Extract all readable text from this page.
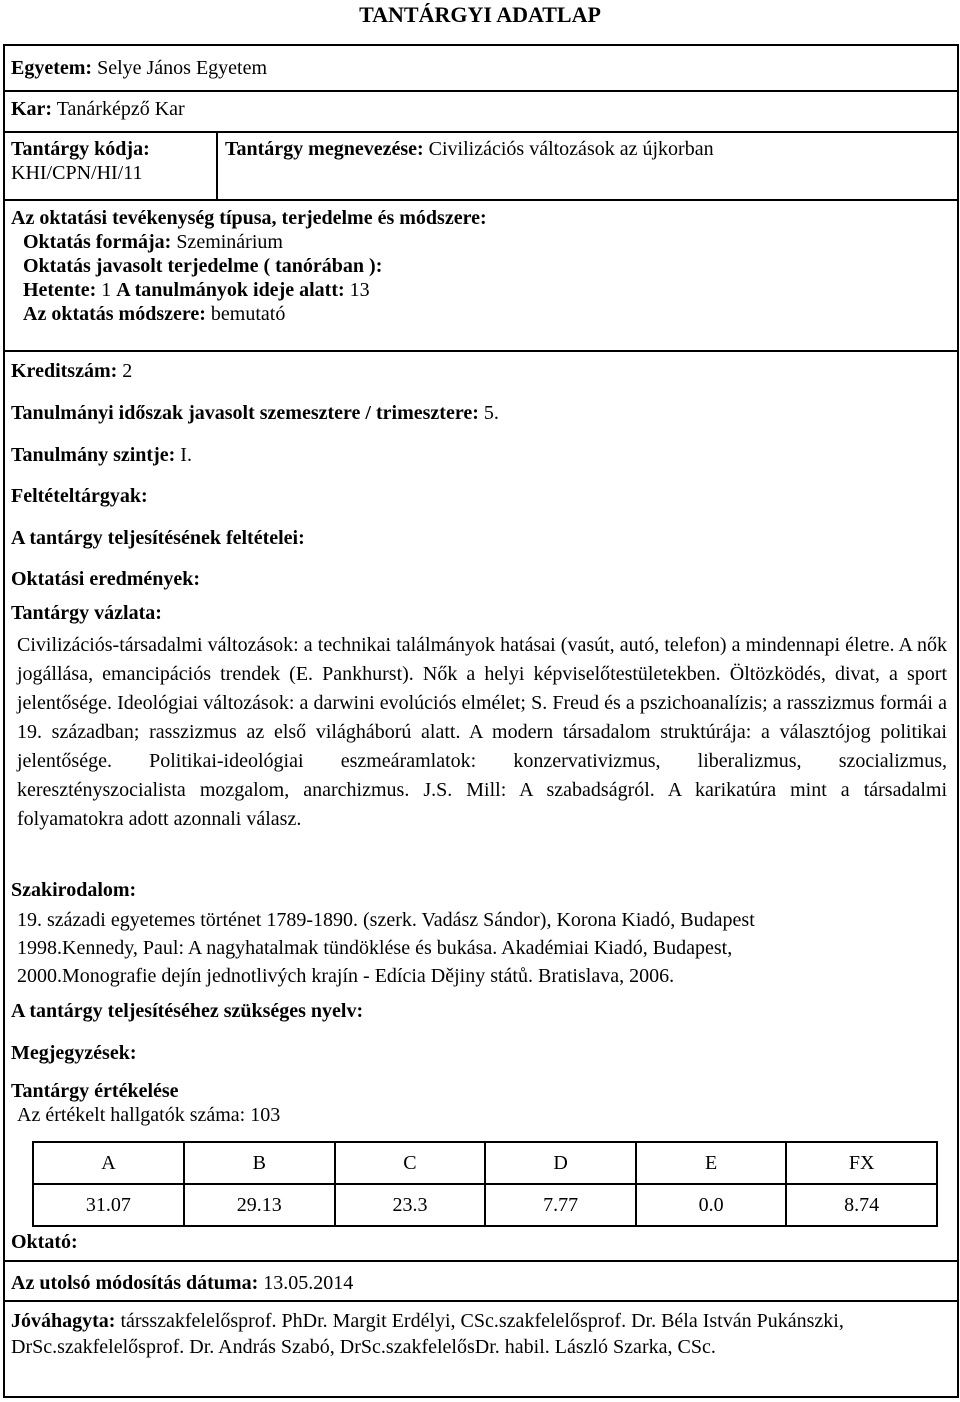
TANTÁRGYI ADATLAP
Egyetem: Selye János Egyetem
Kar: Tanárképző Kar
Tantárgy kódja:
KHI/CPN/HI/11
Tantárgy megnevezése: Civilizációs változások az újkorban
Az oktatási tevékenység típusa, terjedelme és módszere:
Oktatás formája: Szeminárium
Oktatás javasolt terjedelme ( tanórában ):
Hetente: 1 A tanulmányok ideje alatt: 13
Az oktatás módszere: bemutató
Kreditszám: 2
Tanulmányi időszak javasolt szemesztere / trimesztere: 5.
Tanulmány szintje: I.
Feltételtárgyak:
A tantárgy teljesítésének feltételei:
Oktatási eredmények:
Tantárgy vázlata:
Civilizációs-társadalmi változások: a technikai találmányok hatásai (vasút, autó, telefon) a mindennapi életre. A nők jogállása, emancipációs trendek (E. Pankhurst). Nők a helyi képviselőtestületekben. Öltözködés, divat, a sport jelentősége. Ideológiai változások: a darwini evolúciós elmélet; S. Freud és a pszichoanalízis; a rasszizmus formái a 19. században; rasszizmus az első világháború alatt. A modern társadalom struktúrája: a választójog politikai jelentősége. Politikai-ideológiai eszmeáramlatok: konzervativizmus, liberalizmus, szocializmus, keresztényszocialista mozgalom, anarchizmus. J.S. Mill: A szabadságról. A karikatúra mint a társadalmi folyamatokra adott azonnali válasz.
Szakirodalom:
19. századi egyetemes történet 1789-1890. (szerk. Vadász Sándor), Korona Kiadó, Budapest
1998.Kennedy, Paul: A nagyhatalmak tündöklése és bukása. Akadémiai Kiadó, Budapest,
2000.Monografie dejín jednotlivých krajín - Edícia Dějiny států. Bratislava, 2006.
A tantárgy teljesítéséhez szükséges nyelv:
Megjegyzések:
Tantárgy értékelése
Az értékelt hallgatók száma: 103
A	B	C	D	E	FX
31.07	29.13	23.3	7.77	0.0	8.74
Oktató:
Az utolsó módosítás dátuma: 13.05.2014
Jóváhagyta: társszakfelelősprof. PhDr. Margit Erdélyi, CSc.szakfelelősprof. Dr. Béla István Pukánszki, DrSc.szakfelelősprof. Dr. András Szabó, DrSc.szakfelelősDr. habil. László Szarka, CSc.
